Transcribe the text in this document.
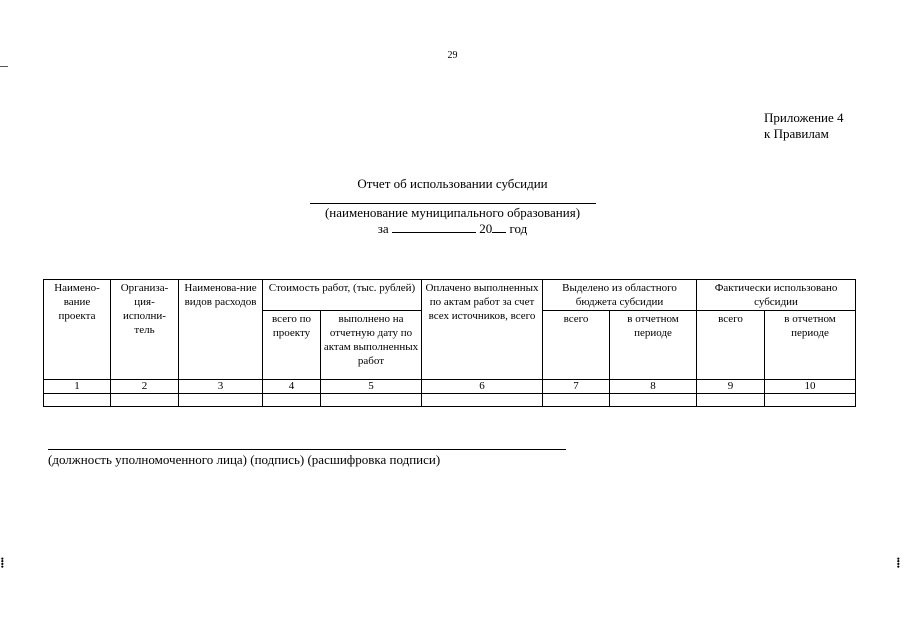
29
Приложение 4
к Правилам
Отчет об использовании субсидии
(наименование муниципального образования)
за	20 год
Наимено-вание проекта	Организа-ция-исполни-тель	Наименова-ние видов расходов	Стоимость работ, (тыс. рублей)		Оплачено выполненных по актам работ за счет всех источников, всего	Выделено из областного бюджета субсидии		Фактически использовано субсидии	
			всего по проекту	выполнено на отчетную дату по актам выполненных работ		всего	в отчетном периоде	всего	в отчетном периоде
1	2	3	4	5	6	7	8	9	10

(должность уполномоченного лица) (подпись) (расшифровка подписи)
⁞	⁞
